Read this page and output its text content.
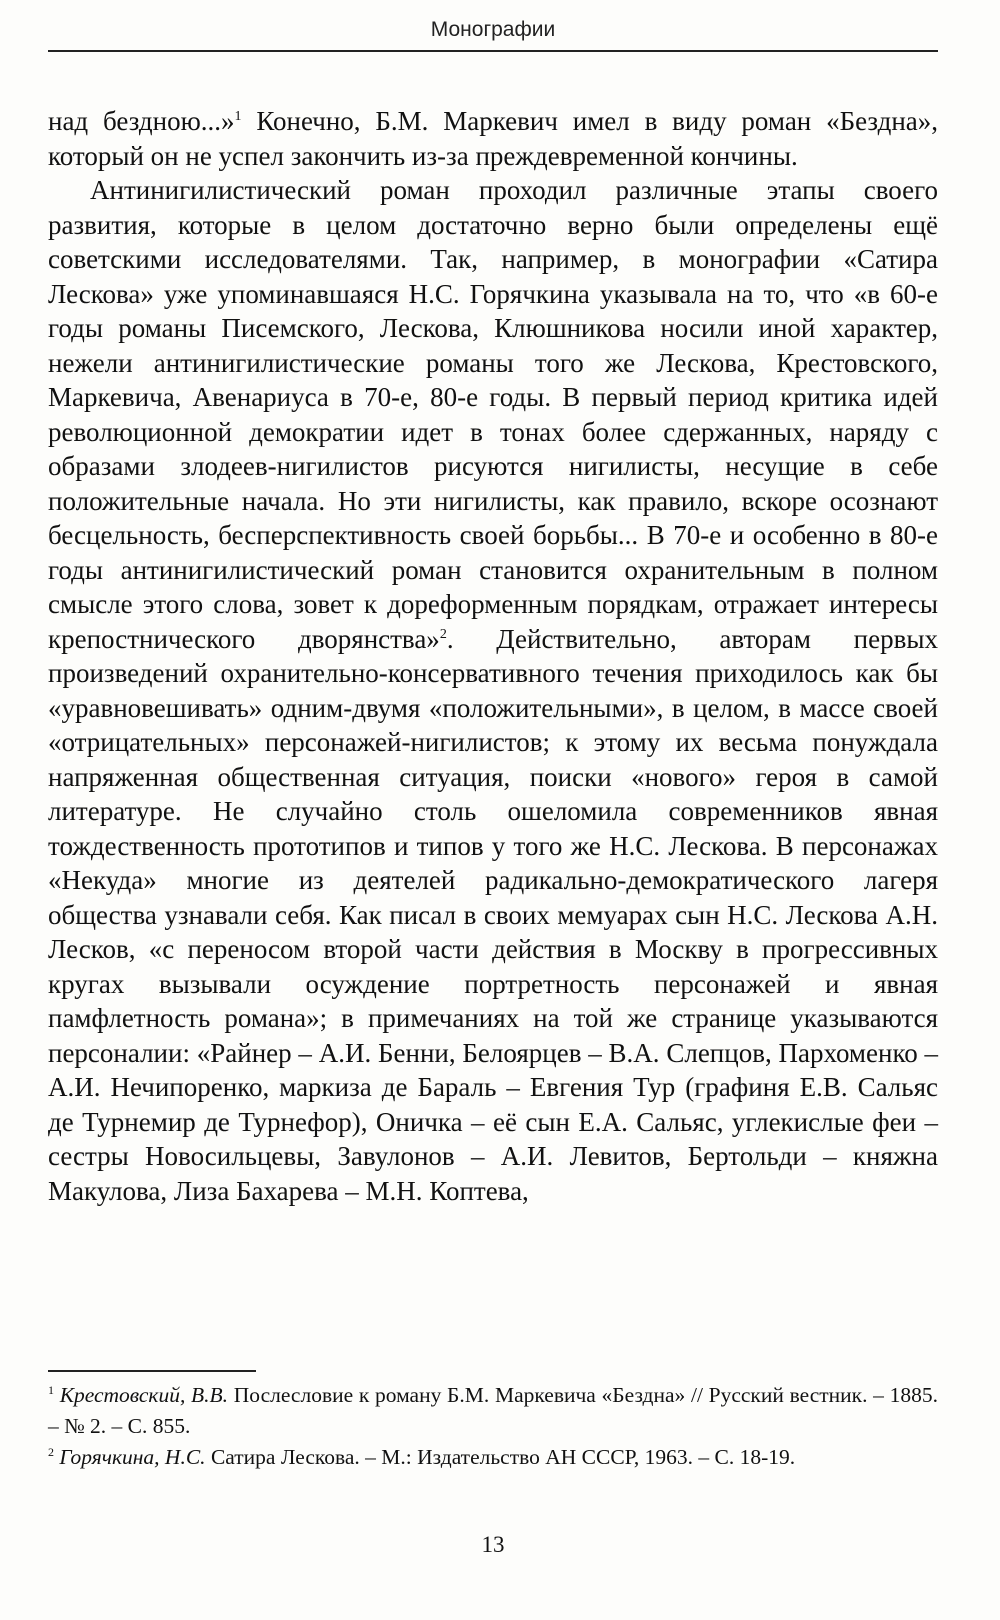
Монографии

над безднoю...»$^1$ Конечно, Б.М. Маркевич имел в виду роман «Бездна», который он не успел закончить из-за преждевременной кончины.

Антинигилистический роман проходил различные этапы своего развития, которые в целом достаточно верно были определены ещё советскими исследователями. Так, например, в монографии «Сатира Лескова» уже упоминавшаяся Н.С. Горячкина указывала на то, что «в 60-е годы романы Писемского, Лескова, Клюшникова носили иной характер, нежели антинигилистические романы того же Лескова, Крестовского, Маркевича, Авенариуса в 70-е, 80-е годы. В первый период критика идей революционной демократии идет в тонах более сдержанных, наряду с образами злодеев-нигилистов рисуются нигилисты, несущие в себе положительные начала. Но эти нигилисты, как правило, вскоре осознают бесцельность, бесперспективность своей борьбы... В 70-е и особенно в 80-е годы антинигилистический роман становится охранительным в полном смысле этого слова, зовет к дореформенным порядкам, отражает интересы крепостнического дворянства»$^2$. Действительно, авторам первых произведений охранительно-консервативного течения приходилось как бы «уравновешивать» одним-двумя «положительными», в целом, в массе своей «отрицательных» персонажей-нигилистов; к этому их весьма понуждала напряженная общественная ситуация, поиски «нового» героя в самой литературе. Не случайно столь ошеломила современников явная тождественность прототипов и типов у того же Н.С. Лескова. В персонажах «Некуда» многие из деятелей радикально-демократического лагеря общества узнавали себя. Как писал в своих мемуарах сын Н.С. Лескова А.Н. Лесков, «с переносом второй части действия в Москву в прогрессивных кругах вызывали осуждение портретность персонажей и явная памфлетность романа»; в примечаниях на той же странице указываются персоналии: «Райнер – А.И. Бенни, Белоярцев – В.А. Слепцов, Пархоменко – А.И. Нечипоренко, маркиза де Бараль – Евгения Тур (графиня Е.В. Сальяс де Турнемир де Турнефор), Оничка – её сын Е.А. Сальяс, углекислые феи – сестры Новосильцевы, Завулонов – А.И. Левитов, Бертольди – княжна Макулова, Лиза Бахарева – М.Н. Коптева,

$^1$ Крестовский, В.В. Послесловие к роману Б.М. Маркевича «Бездна» // Русский вестник. – 1885. – № 2. – С. 855.

$^2$ Горячкина, Н.С. Сатира Лескова. – М.: Издательство АН СССР, 1963. – С. 18-19.

13
